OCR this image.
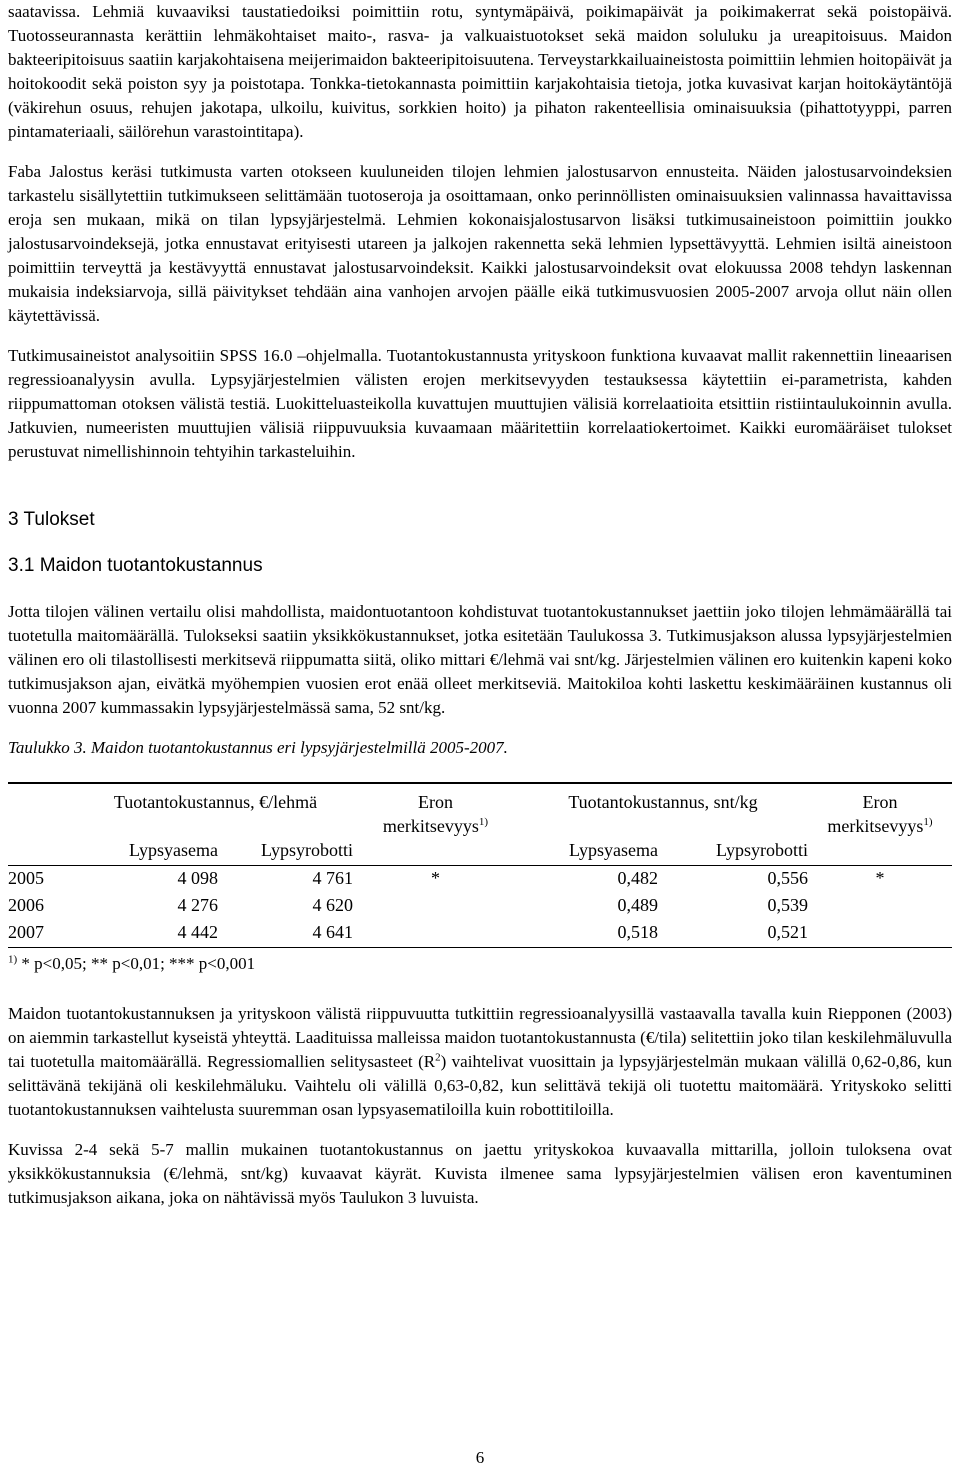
saatavissa. Lehmiä kuvaaviksi taustatiedoiksi poimittiin rotu, syntymäpäivä, poikimapäivät ja poikimakerrat sekä poistopäivä. Tuotosseurannasta kerättiin lehmäkohtaiset maito-, rasva- ja valkuaistuotokset sekä maidon soluluku ja ureapitoisuus. Maidon bakteeripitoisuus saatiin karjakohtaisena meijerimaidon bakteeripitoisuutena. Terveystarkkailuaineistosta poimittiin lehmien hoitopäivät ja hoitokoodit sekä poiston syy ja poistotapa. Tonkka-tietokannasta poimittiin karjakohtaisia tietoja, jotka kuvasivat karjan hoitokäytäntöjä (väkirehun osuus, rehujen jakotapa, ulkoilu, kuivitus, sorkkien hoito) ja pihaton rakenteellisia ominaisuuksia (pihattotyyppi, parren pintamateriaali, säilörehun varastointitapa).

Faba Jalostus keräsi tutkimusta varten otokseen kuuluneiden tilojen lehmien jalostusarvon ennusteita. Näiden jalostusarvoindeksien tarkastelu sisällytettiin tutkimukseen selittämään tuotoseroja ja osoittamaan, onko perinnöllisten ominaisuuksien valinnassa havaittavissa eroja sen mukaan, mikä on tilan lypsyjärjestelmä. Lehmien kokonaisjalostusarvon lisäksi tutkimusaineistoon poimittiin joukko jalostusarvoindeksejä, jotka ennustavat erityisesti utareen ja jalkojen rakennetta sekä lehmien lypsettävyyttä. Lehmien isiltä aineistoon poimittiin terveyttä ja kestävyyttä ennustavat jalostusarvoindeksit. Kaikki jalostusarvoindeksit ovat elokuussa 2008 tehdyn laskennan mukaisia indeksiarvoja, sillä päivitykset tehdään aina vanhojen arvojen päälle eikä tutkimusvuosien 2005-2007 arvoja ollut näin ollen käytettävissä.

Tutkimusaineistot analysoitiin SPSS 16.0 –ohjelmalla. Tuotantokustannusta yrityskoon funktiona kuvaavat mallit rakennettiin lineaarisen regressioanalyysin avulla. Lypsyjärjestelmien välisten erojen merkitsevyyden testauksessa käytettiin ei-parametrista, kahden riippumattoman otoksen välistä testiä. Luokitteluasteikolla kuvattujen muuttujien välisiä korrelaatioita etsittiin ristiintaulukoinnin avulla. Jatkuvien, numeeristen muuttujien välisiä riippuvuuksia kuvaamaan määritettiin korrelaatiokertoimet. Kaikki euromääräiset tulokset perustuvat nimellishinnoin tehtyihin tarkasteluihin.

3 Tulokset
3.1 Maidon tuotantokustannus

Jotta tilojen välinen vertailu olisi mahdollista, maidontuotantoon kohdistuvat tuotantokustannukset jaettiin joko tilojen lehmämäärällä tai tuotetulla maitomäärällä. Tulokseksi saatiin yksikkökustannukset, jotka esitetään Taulukossa 3. Tutkimusjakson alussa lypsyjärjestelmien välinen ero oli tilastollisesti merkitsevä riippumatta siitä, oliko mittari €/lehmä vai snt/kg. Järjestelmien välinen ero kuitenkin kapeni koko tutkimusjakson ajan, eivätkä myöhempien vuosien erot enää olleet merkitseviä. Maitokiloa kohti laskettu keskimääräinen kustannus oli vuonna 2007 kummassakin lypsyjärjestelmässä sama, 52 snt/kg.

Taulukko 3. Maidon tuotantokustannus eri lypsyjärjestelmillä 2005-2007.

	Tuotantokustannus, €/lehmä		Eron
merkitsevyys$^{1)}$	Tuotantokustannus, snt/kg		Eron
merkitsevyys$^{1)}$
	Lypsyasema	Lypsyrobotti		Lypsyasema	Lypsyrobotti	
2005	4 098	4 761	*	0,482	0,556	*
2006	4 276	4 620		0,489	0,539	
2007	4 442	4 641		0,518	0,521	
$^{1)}$ * p<0,05; ** p<0,01; *** p<0,001

Maidon tuotantokustannuksen ja yrityskoon välistä riippuvuutta tutkittiin regressioanalyysillä vastaavalla tavalla kuin Riepponen (2003) on aiemmin tarkastellut kyseistä yhteyttä. Laadituissa malleissa maidon tuotantokustannusta (€/tila) selitettiin joko tilan keskilehmäluvulla tai tuotetulla maitomäärällä. Regressiomallien selitysasteet $(R^2)$ vaihtelivat vuosittain ja lypsyjärjestelmän mukaan välillä 0,62-0,86, kun selittävänä tekijänä oli keskilehmäluku. Vaihtelu oli välillä 0,63-0,82, kun selittävä tekijä oli tuotettu maitomäärä. Yrityskoko selitti tuotantokustannuksen vaihtelusta suuremman osan lypsyasematiloilla kuin robottitiloilla.

Kuvissa 2-4 sekä 5-7 mallin mukainen tuotantokustannus on jaettu yrityskokoa kuvaavalla mittarilla, jolloin tuloksena ovat yksikkökustannuksia (€/lehmä, snt/kg) kuvaavat käyrät. Kuvista ilmenee sama lypsyjärjestelmien välisen eron kaventuminen tutkimusjakson aikana, joka on nähtävissä myös Taulukon 3 luvuista.

6
